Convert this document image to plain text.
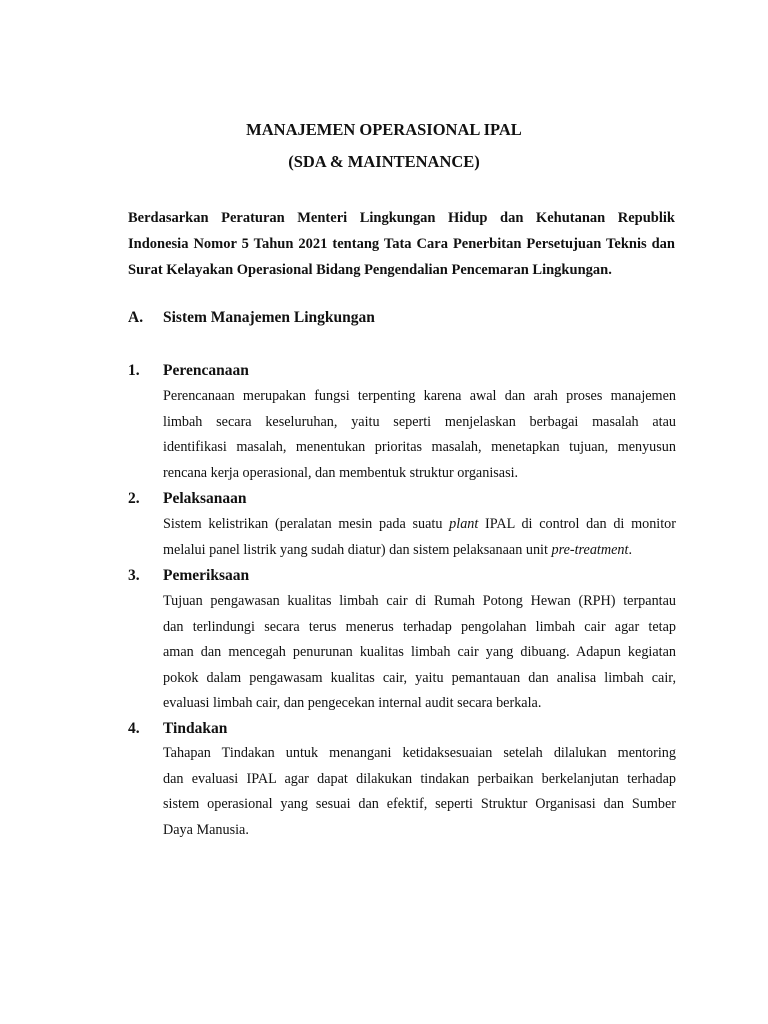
MANAJEMEN OPERASIONAL IPAL
(SDA & MAINTENANCE)
Berdasarkan Peraturan Menteri Lingkungan Hidup dan Kehutanan Republik Indonesia Nomor 5 Tahun 2021 tentang Tata Cara Penerbitan Persetujuan Teknis dan Surat Kelayakan Operasional Bidang Pengendalian Pencemaran Lingkungan.
A. Sistem Manajemen Lingkungan
1. Perencanaan
Perencanaan merupakan fungsi terpenting karena awal dan arah proses manajemen
limbah secara keseluruhan, yaitu seperti menjelaskan berbagai masalah atau
identifikasi masalah, menentukan prioritas masalah, menetapkan tujuan, menyusun
rencana kerja operasional, dan membentuk struktur organisasi.
2. Pelaksanaan
Sistem kelistrikan (peralatan mesin pada suatu plant IPAL di control dan di monitor
melalui panel listrik yang sudah diatur) dan sistem pelaksanaan unit pre-treatment.
3. Pemeriksaan
Tujuan pengawasan kualitas limbah cair di Rumah Potong Hewan (RPH) terpantau
dan terlindungi secara terus menerus terhadap pengolahan limbah cair agar tetap
aman dan mencegah penurunan kualitas limbah cair yang dibuang. Adapun kegiatan
pokok dalam pengawasam kualitas cair, yaitu pemantauan dan analisa limbah cair,
evaluasi limbah cair, dan pengecekan internal audit secara berkala.
4. Tindakan
Tahapan Tindakan untuk menangani ketidaksesuaian setelah dilalukan mentoring
dan evaluasi IPAL agar dapat dilakukan tindakan perbaikan berkelanjutan terhadap
sistem operasional yang sesuai dan efektif, seperti Struktur Organisasi dan Sumber
Daya Manusia.
